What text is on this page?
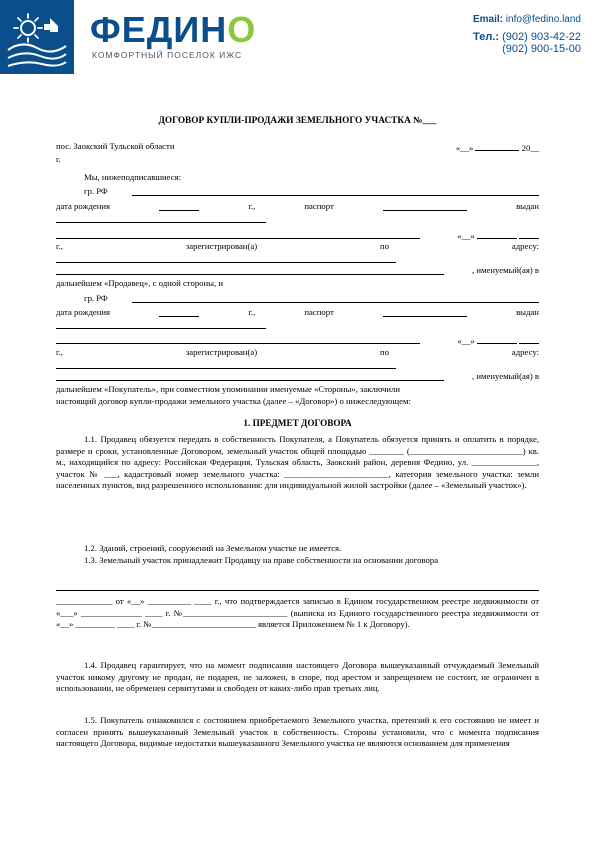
ФЕДИНО
КОМФОРТНЫЙ ПОСЕЛОК ИЖС
Email: info@fedino.land
Тел.: (902) 903-42-22
(902) 900-15-00
ДОГОВОР КУПЛИ-ПРОДАЖИ ЗЕМЕЛЬНОГО УЧАСТКА №___
пос. Заокский Тульской области	«__»	20__
г.
Мы, нижеподписавшиеся:
гр. РФ
дата рождения	г.,	паспорт	выдан
«__»
г.,	зарегистрирован(а)	по	адресу:
, именуемый(ая) в
дальнейшем «Продавец», с одной стороны, и
гр. РФ
дата рождения	г.,	паспорт	выдан
«__»
г.,	зарегистрирован(а)	по	адресу:
, именуемый(ая) в
дальнейшем «Покупатель», при совместном упоминании именуемые «Стороны», заключили
настоящий договор купли-продажи земельного участка (далее – «Договор») о нижеследующем:
1. ПРЕДМЕТ ДОГОВОРА
1.1. Продавец обязуется передать в собственность Покупателя, а Покупатель обязуется принять и оплатить в порядке, размере и сроки, установленные Договором, земельный участок общей площадью ________ (__________________________) кв. м., находящийся по адресу: Российская Федерация, Тульская область, Заокский район, деревня Федино, ул. _______________, участок № ___, кадастровый номер земельного участка: ________________________, категория земельного участка: земли населенных пунктов, вид разрешенного использования: для индивидуальной жилой застройки (далее – «Земельный участок»).
1.2. Зданий, строений, сооружений на Земельном участке не имеется.
1.3. Земельный участок принадлежит Продавцу на праве собственности на основании договора
_____________ от «__» __________ ____ г., что подтверждается записью в Едином государственном реестре недвижимости от «___» ______________ ____ г. №________________________ (выписка из Единого государственного реестра недвижимости от «__» _________ ____ г. №________________________ является Приложением № 1 к Договору).
1.4. Продавец гарантирует, что на момент подписания настоящего Договора вышеуказанный отчуждаемый Земельный участок никому другому не продан, не подарен, не заложен, в споре, под арестом и запрещением не состоит, не ограничен в использовании, не обременен сервитутами и свободен от каких-либо прав третьих лиц.
1.5. Покупатель ознакомился с состоянием приобретаемого Земельного участка, претензий к его состоянию не имеет и согласен принять вышеуказанный Земельный участок в собственность. Стороны установили, что с момента подписания настоящего Договора, видимые недостатки вышеуказанного Земельного участка не являются основанием для применения
